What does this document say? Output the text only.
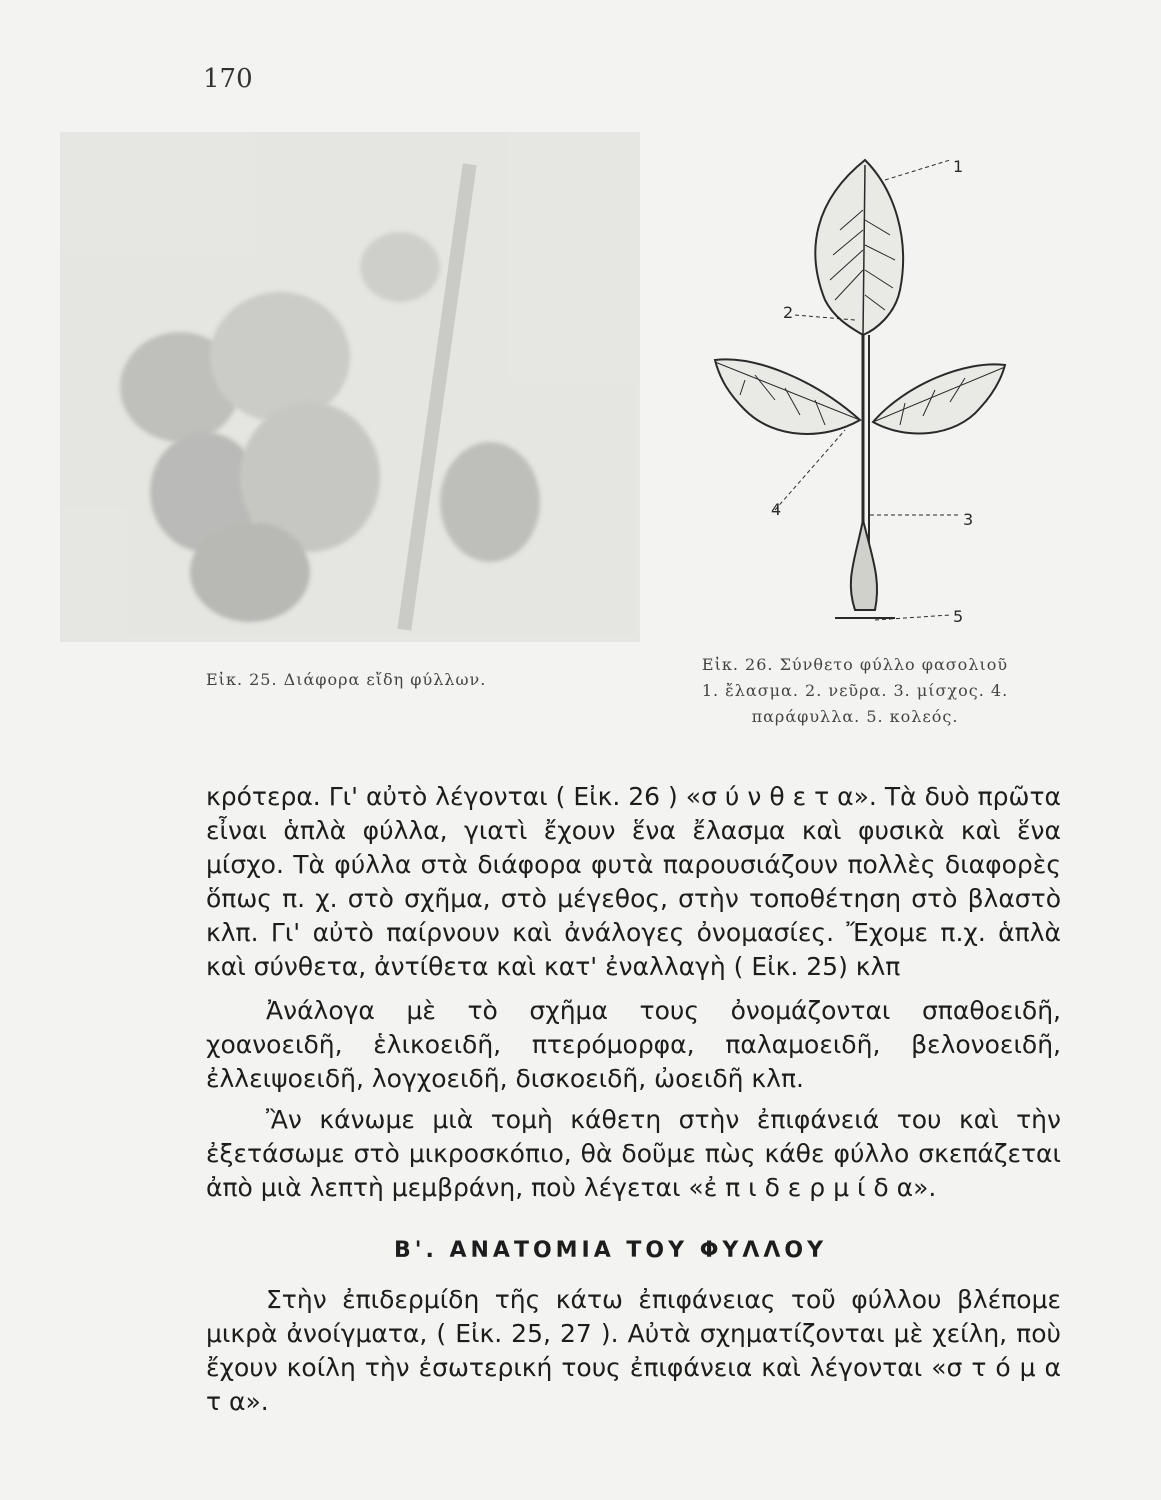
170
1
2
3
4
5
Εἰκ. 25. Διάφορα εἴδη φύλλων.
Εἰκ. 26. Σύνθετο φύλλο φασολιοῦ
1. ἔλασμα. 2. νεῦρα. 3. μίσχος. 4.
παράφυλλα. 5. κολεός.

κρότερα. Γι' αὐτὸ λέγονται ( Εἰκ. 26 ) «σ ύ ν θ ε τ α». Τὰ δυὸ πρῶτα εἶναι ἁπλὰ φύλλα, γιατὶ ἔχουν ἕνα ἔλασμα καὶ φυσικὰ καὶ ἕνα μίσχο. Τὰ φύλλα στὰ διάφορα φυτὰ παρουσιάζουν πολλὲς διαφορὲς ὅπως π. χ. στὸ σχῆμα, στὸ μέγεθος, στὴν τοποθέτηση στὸ βλαστὸ κλπ. Γι' αὐτὸ παίρνουν καὶ ἀνάλογες ὀνομασίες. Ἔχομε π.χ. ἁπλὰ καὶ σύνθετα, ἀντίθετα καὶ κατ' ἐναλλαγὴ ( Εἰκ. 25) κλπ

Ἀνάλογα μὲ τὸ σχῆμα τους ὀνομάζονται σπαθοειδῆ, χοανοειδῆ, ἑλικοειδῆ, πτερόμορφα, παλαμοειδῆ, βελονοειδῆ, ἐλλειψοειδῆ, λογχοειδῆ, δισκοειδῆ, ὠοειδῆ κλπ.

Ἂν κάνωμε μιὰ τομὴ κάθετη στὴν ἐπιφάνειά του καὶ τὴν ἐξετάσωμε στὸ μικροσκόπιο, θὰ δοῦμε πὼς κάθε φύλλο σκεπάζεται ἀπὸ μιὰ λεπτὴ μεμβράνη, ποὺ λέγεται «ἐ π ι δ ε ρ μ ί δ α».

Β'. ΑΝΑΤΟΜΙΑ ΤΟΥ ΦΥΛΛΟΥ

Στὴν ἐπιδερμίδη τῆς κάτω ἐπιφάνειας τοῦ φύλλου βλέπομε μικρὰ ἀνοίγματα, ( Εἰκ. 25, 27 ). Αὐτὰ σχηματίζονται μὲ χείλη, ποὺ ἔχουν κοίλη τὴν ἐσωτερική τους ἐπιφάνεια καὶ λέγονται «σ τ ό μ α τ α».
